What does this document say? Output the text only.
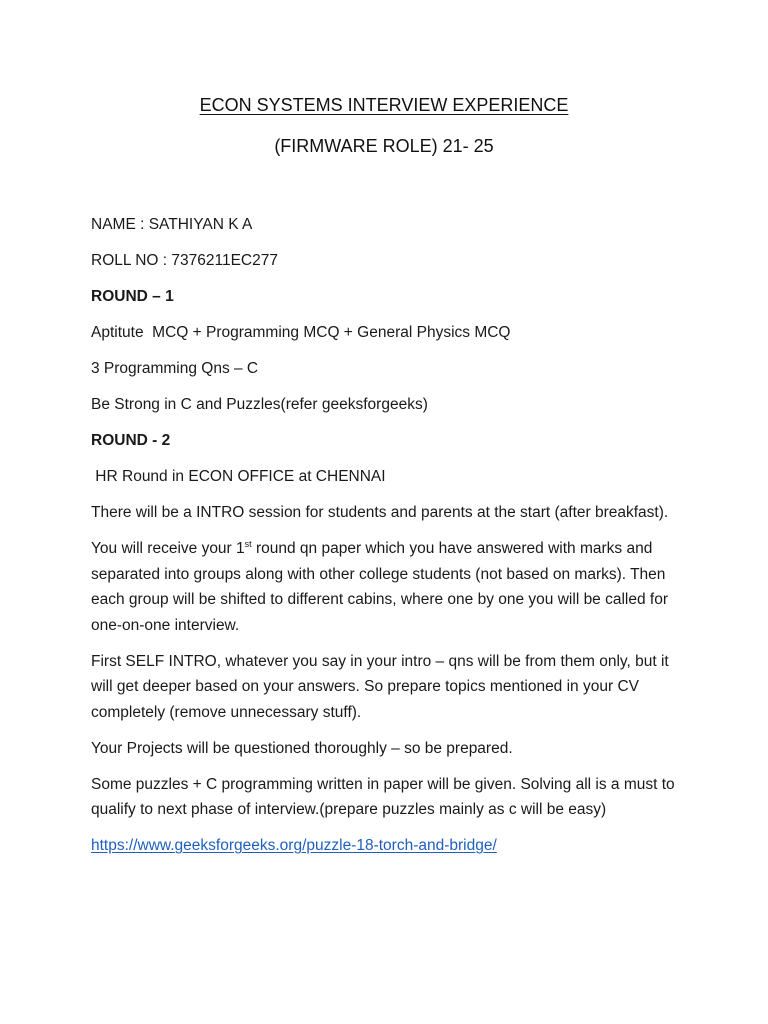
ECON SYSTEMS INTERVIEW EXPERIENCE
(FIRMWARE ROLE) 21- 25

NAME : SATHIYAN K A

ROLL NO : 7376211EC277

ROUND – 1

Aptitute  MCQ + Programming MCQ + General Physics MCQ

3 Programming Qns – C

Be Strong in C and Puzzles(refer geeksforgeeks)

ROUND - 2

HR Round in ECON OFFICE at CHENNAI

There will be a INTRO session for students and parents at the start (after breakfast).

You will receive your 1st round qn paper which you have answered with marks and separated into groups along with other college students (not based on marks). Then each group will be shifted to different cabins, where one by one you will be called for one-on-one interview.

First SELF INTRO, whatever you say in your intro – qns will be from them only, but it will get deeper based on your answers. So prepare topics mentioned in your CV completely (remove unnecessary stuff).

Your Projects will be questioned thoroughly – so be prepared.

Some puzzles + C programming written in paper will be given. Solving all is a must to qualify to next phase of interview.(prepare puzzles mainly as c will be easy)

https://www.geeksforgeeks.org/puzzle-18-torch-and-bridge/
